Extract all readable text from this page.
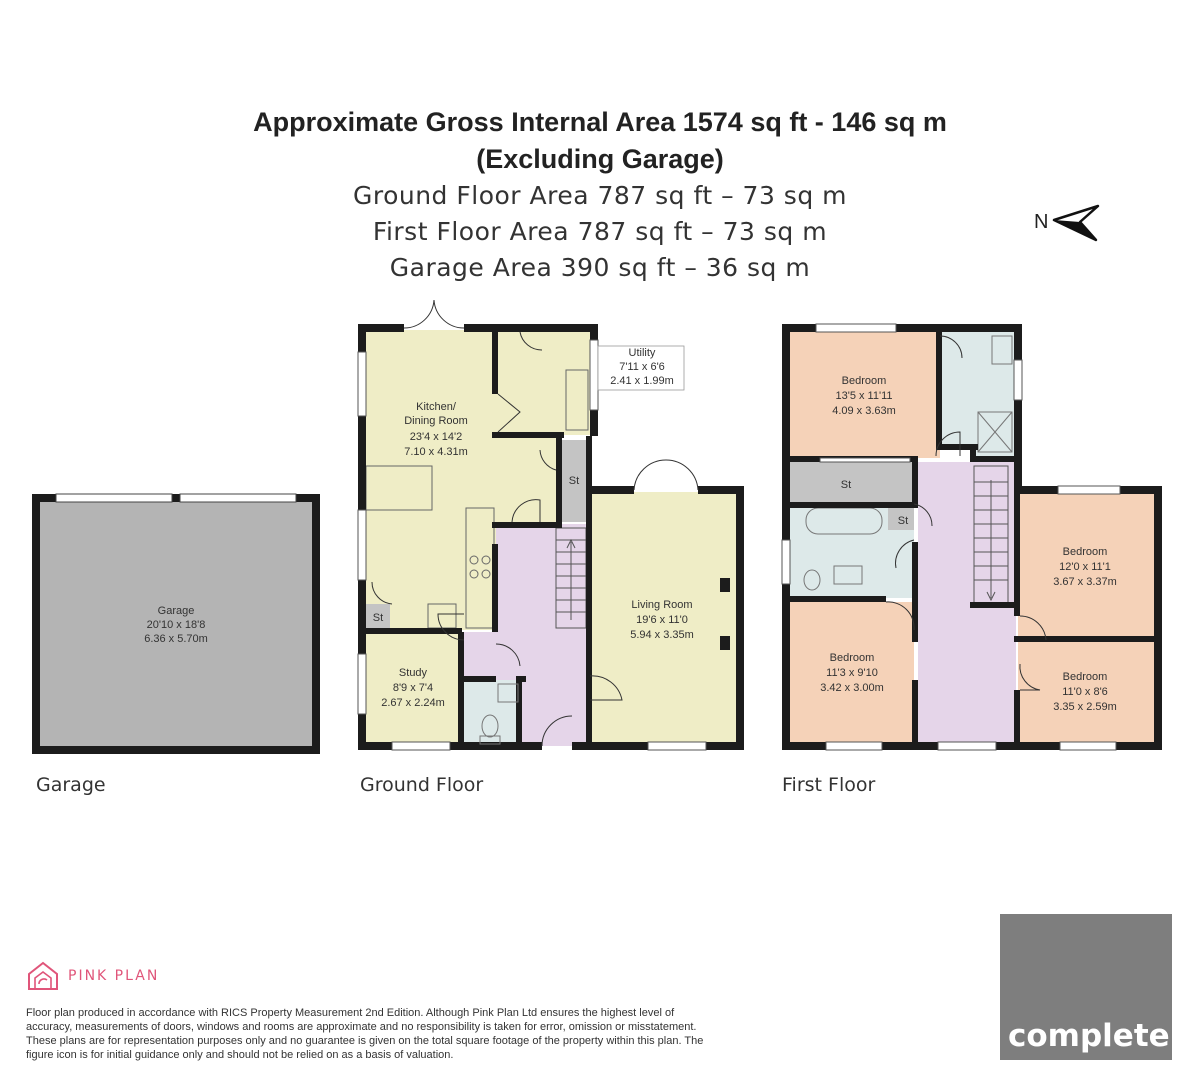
Approximate Gross Internal Area 1574 sq ft - 146 sq m
(Excluding Garage)
Ground Floor Area 787 sq ft – 73 sq m
First Floor Area 787 sq ft – 73 sq m
Garage Area 390 sq ft – 36 sq m
N
Garage
20'10 x 18'8
6.36 x 5.70m
Kitchen/
Dining Room
23'4 x 14'2
7.10 x 4.31m
Utility
7'11 x 6'6
2.41 x 1.99m
Living Room
19'6 x 11'0
5.94 x 3.35m
Study
8'9 x 7'4
2.67 x 2.24m
St
St
Bedroom
13'5 x 11'11
4.09 x 3.63m
Bedroom
12'0 x 11'1
3.67 x 3.37m
Bedroom
11'3 x 9'10
3.42 x 3.00m
Bedroom
11'0 x 8'6
3.35 x 2.59m
St
St
Garage	Ground Floor	First Floor
PINK PLAN
Floor plan produced in accordance with RICS Property Measurement 2nd Edition. Although Pink Plan Ltd ensures the highest level of accuracy, measurements of doors, windows and rooms are approximate and no responsibility is taken for error, omission or misstatement. These plans are for representation purposes only and no guarantee is given on the total square footage of the property within this plan. The figure icon is for initial guidance only and should not be relied on as a basis of valuation.
complete.
